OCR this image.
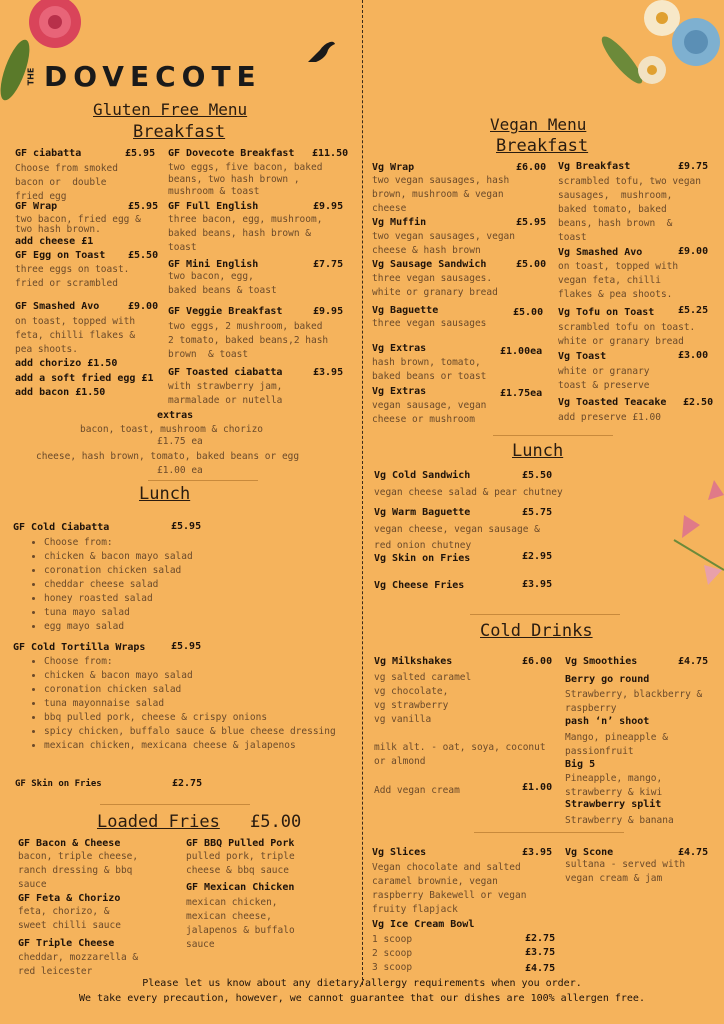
THE DOVECOTE
Gluten Free Menu
Breakfast
GF ciabatta	£5.95
Choose from smoked
bacon or  double
fried egg
GF Wrap	£5.95
two bacon, fried egg &
two hash brown.
add cheese £1
GF Egg on Toast £5.50
three eggs on toast.
fried or scrambled
GF Smashed Avo	£9.00
on toast, topped with
feta, chilli flakes &
pea shoots.
add chorizo £1.50
add a soft fried egg £1
add bacon £1.50
GF Dovecote Breakfast £11.50
two eggs, five bacon, baked
beans, two hash brown ,
mushroom & toast
GF Full English	£9.95
three bacon, egg, mushroom,
baked beans, hash brown &
toast
GF Mini English	£7.75
two bacon, egg,
baked beans & toast
GF Veggie Breakfast	£9.95
two eggs, 2 mushroom, baked
2 tomato, baked beans,2 hash
brown  & toast
GF Toasted ciabatta	£3.95
with strawberry jam,
marmalade or nutella
extras
bacon, toast, mushroom & chorizo
£1.75 ea
cheese, hash brown, tomato, baked beans or egg
£1.00 ea
Lunch
GF Cold Ciabatta	£5.95
• Choose from:
• chicken & bacon mayo salad
• coronation chicken salad
• cheddar cheese salad
• honey roasted salad
• tuna mayo salad
• egg mayo salad
GF Cold Tortilla Wraps	£5.95
• Choose from:
• chicken & bacon mayo salad
• coronation chicken salad
• tuna mayonnaise salad
• bbq pulled pork, cheese & crispy onions
• spicy chicken, buffalo sauce & blue cheese dressing
• mexican chicken, mexicana cheese & jalapenos
GF Skin on Fries	£2.75
Loaded Fries £5.00
GF Bacon & Cheese
bacon, triple cheese,
ranch dressing & bbq
sauce
GF Feta & Chorizo
feta, chorizo, &
sweet chilli sauce
GF Triple Cheese
cheddar, mozzarella &
red leicester
GF BBQ Pulled Pork
pulled pork, triple
cheese & bbq sauce
GF Mexican Chicken
mexican chicken,
mexican cheese,
jalapenos & buffalo
sauce
Vegan Menu
Breakfast
Vg Wrap	£6.00
two vegan sausages, hash
brown, mushroom & vegan
cheese
Vg Muffin	£5.95
two vegan sausages, vegan
cheese & hash brown
Vg Sausage Sandwich	£5.00
three vegan sausages.
white or granary bread
Vg Baguette	£5.00
three vegan sausages
Vg Extras	£1.00ea
hash brown, tomato,
baked beans or toast
Vg Extras	£1.75ea
vegan sausage, vegan
cheese or mushroom
Vg Breakfast	£9.75
scrambled tofu, two vegan
sausages,  mushroom,
baked tomato, baked
beans, hash brown  &
toast
Vg Smashed Avo	£9.00
on toast, topped with
vegan feta, chilli
flakes & pea shoots.
Vg Tofu on Toast £5.25
scrambled tofu on toast.
white or granary bread
Vg Toast	£3.00
white or granary
toast & preserve
Vg Toasted Teacake £2.50
add preserve £1.00
Lunch
Vg Cold Sandwich	£5.50
vegan cheese salad & pear chutney
Vg Warm Baguette	£5.75
vegan cheese, vegan sausage &
red onion chutney
Vg Skin on Fries	£2.95
Vg Cheese Fries	£3.95
Cold Drinks
Vg Milkshakes	£6.00
vg salted caramel
vg chocolate,
vg strawberry
vg vanilla
milk alt. - oat, soya, coconut
or almond
Add vegan cream	£1.00
Vg Smoothies	£4.75
Berry go round
Strawberry, blackberry &
raspberry
pash ‘n’ shoot
Mango, pineapple &
passionfruit
Big 5
Pineapple, mango,
strawberry & kiwi
Strawberry split
Strawberry & banana
Vg Slices	£3.95
Vegan chocolate and salted
caramel brownie, vegan
raspberry Bakewell or vegan
fruity flapjack
Vg Scone	£4.75
sultana - served with
vegan cream & jam
Vg Ice Cream Bowl
1 scoop	£2.75
2 scoop	£3.75
3 scoop	£4.75
Please let us know about any dietary/allergy requirements when you order.
We take every precaution, however, we cannot guarantee that our dishes are 100% allergen free.
